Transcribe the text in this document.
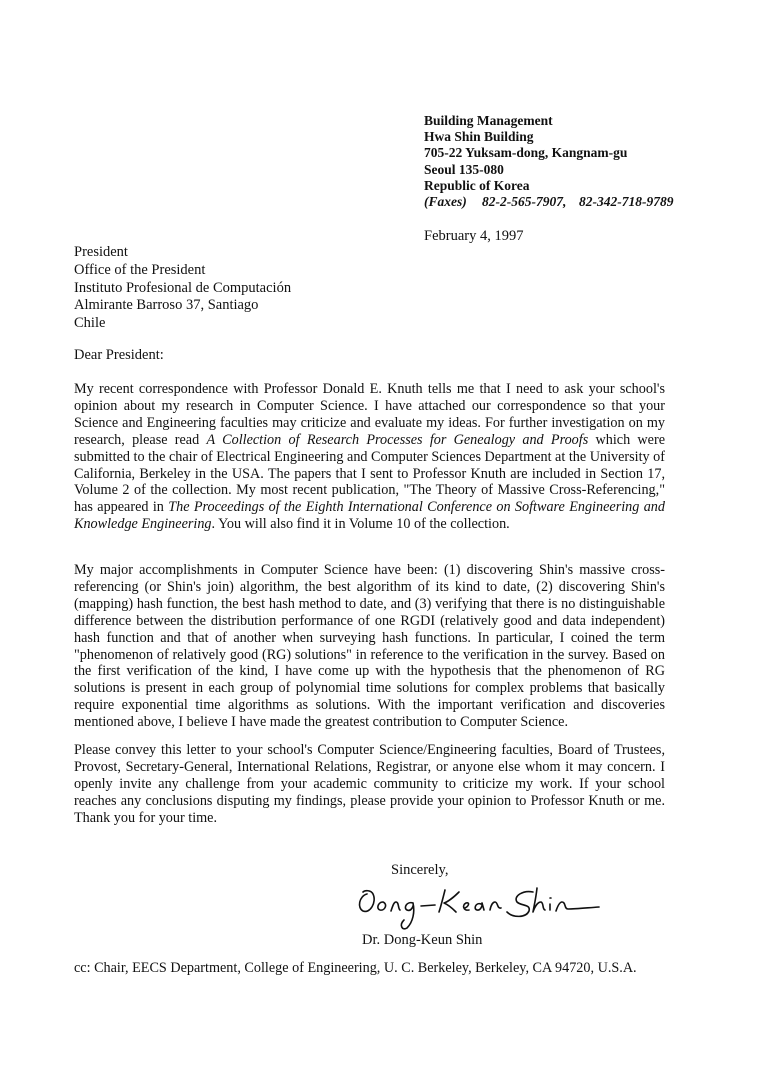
Building Management
Hwa Shin Building
705-22 Yuksam-dong, Kangnam-gu
Seoul 135-080
Republic of Korea
(Faxes) 82-2-565-7907, 82-342-718-9789
February 4, 1997
President
Office of the President
Instituto Profesional de Computación
Almirante Barroso 37, Santiago
Chile
Dear President:
My recent correspondence with Professor Donald E. Knuth tells me that I need to ask your school's opinion about my research in Computer Science. I have attached our correspondence so that your Science and Engineering faculties may criticize and evaluate my ideas. For further investigation on my research, please read A Collection of Research Processes for Genealogy and Proofs which were submitted to the chair of Electrical Engineering and Computer Sciences Department at the University of California, Berkeley in the USA. The papers that I sent to Professor Knuth are included in Section 17, Volume 2 of the collection. My most recent publication, "The Theory of Massive Cross-Referencing," has appeared in The Proceedings of the Eighth International Conference on Software Engineering and Knowledge Engineering. You will also find it in Volume 10 of the collection.
My major accomplishments in Computer Science have been: (1) discovering Shin's massive cross-referencing (or Shin's join) algorithm, the best algorithm of its kind to date, (2) discovering Shin's (mapping) hash function, the best hash method to date, and (3) verifying that there is no distinguishable difference between the distribution performance of one RGDI (relatively good and data independent) hash function and that of another when surveying hash functions. In particular, I coined the term "phenomenon of relatively good (RG) solutions" in reference to the verification in the survey. Based on the first verification of the kind, I have come up with the hypothesis that the phenomenon of RG solutions is present in each group of polynomial time solutions for complex problems that basically require exponential time algorithms as solutions. With the important verification and discoveries mentioned above, I believe I have made the greatest contribution to Computer Science.
Please convey this letter to your school's Computer Science/Engineering faculties, Board of Trustees, Provost, Secretary-General, International Relations, Registrar, or anyone else whom it may concern. I openly invite any challenge from your academic community to criticize my work. If your school reaches any conclusions disputing my findings, please provide your opinion to Professor Knuth or me. Thank you for your time.
Sincerely,
Dr. Dong-Keun Shin
cc: Chair, EECS Department, College of Engineering, U. C. Berkeley, Berkeley, CA 94720, U.S.A.
